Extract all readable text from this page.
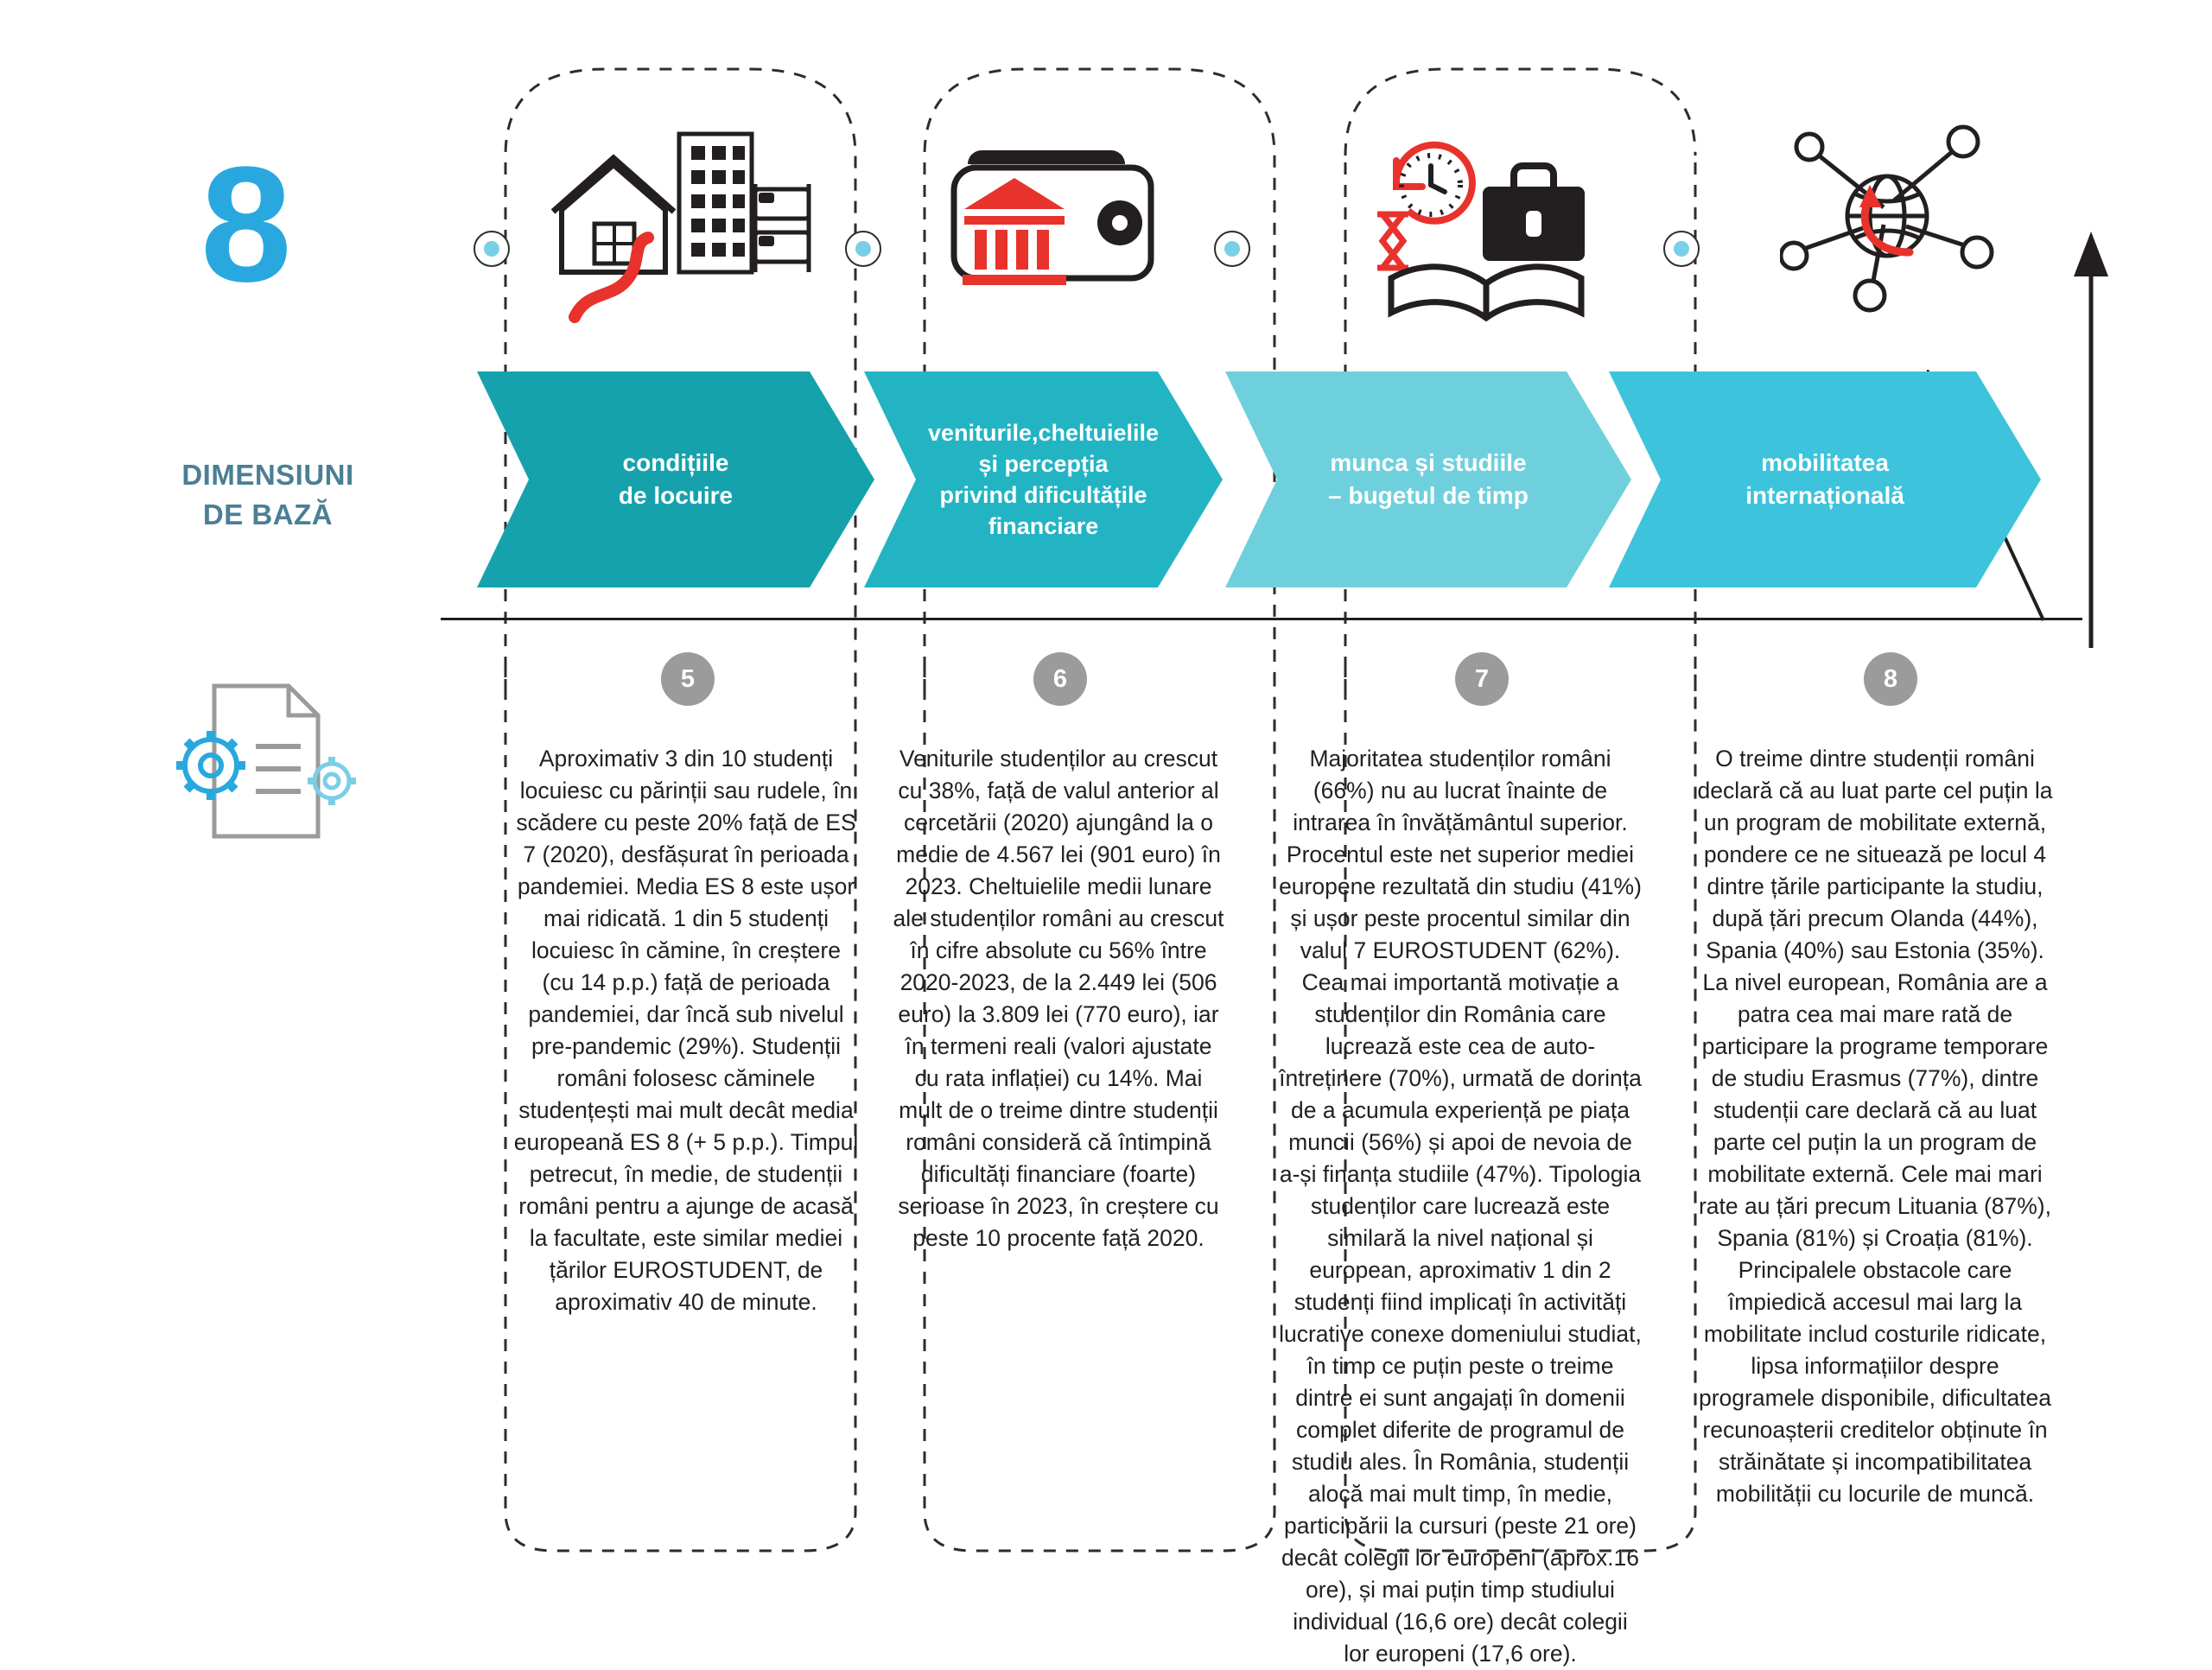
8
DIMENSIUNI
DE BAZĂ
condițiile
de locuire
veniturile,cheltuielile
și percepția
privind dificultățile
financiare
munca și studiile
– bugetul de timp
mobilitatea
internațională
5	6	7	8
Aproximativ 3 din 10 studenți locuiesc cu părinții sau rudele, în scădere cu peste 20% față de ES 7 (2020), desfășurat în perioada pandemiei. Media ES 8 este ușor mai ridicată. 1 din 5 studenți locuiesc în cămine, în creștere (cu 14 p.p.) față de perioada pandemiei, dar încă sub nivelul pre-pandemic (29%). Studenții români folosesc căminele studențești mai mult decât media europeană ES 8 (+ 5 p.p.). Timpul petrecut, în medie, de studenții români pentru a ajunge de acasă la facultate, este similar mediei țărilor EUROSTUDENT, de aproximativ 40 de minute.
Veniturile studenților au crescut cu 38%, față de valul anterior al cercetării (2020) ajungând la o medie de 4.567 lei (901 euro) în 2023. Cheltuielile medii lunare ale studenților români au crescut în cifre absolute cu 56% între 2020-2023, de la 2.449 lei (506 euro) la 3.809 lei (770 euro), iar în termeni reali (valori ajustate cu rata inflației) cu 14%. Mai mult de o treime dintre studenții români consideră că întimpină dificultăți financiare (foarte) serioase în 2023, în creștere cu peste 10 procente față 2020.
Majoritatea studenților români (66%) nu au lucrat înainte de intrarea în învățământul superior. Procentul este net superior mediei europene rezultată din studiu (41%) și ușor peste procentul similar din valul 7 EUROSTUDENT (62%). Cea mai importantă motivație a studenților din România care lucrează este cea de auto-întreținere (70%), urmată de dorința de a acumula experiență pe piața muncii (56%) și apoi de nevoia de a-și finanța studiile (47%). Tipologia studenților care lucrează este similară la nivel național și european, aproximativ 1 din 2 studenți fiind implicați în activități lucrative conexe domeniului studiat, în timp ce puțin peste o treime dintre ei sunt angajați în domenii complet diferite de programul de studiu ales. În România, studenții alocă mai mult timp, în medie, participării la cursuri (peste 21 ore) decât colegii lor europeni (aprox.16 ore), și mai puțin timp studiului individual (16,6 ore) decât colegii lor europeni (17,6 ore).
O treime dintre studenții români declară că au luat parte cel puțin la un program de mobilitate externă, pondere ce ne situează pe locul 4 dintre țările participante la studiu, după țări precum Olanda (44%), Spania (40%) sau Estonia (35%). La nivel european, România are a patra cea mai mare rată de participare la programe temporare de studiu Erasmus (77%), dintre studenții care declară că au luat parte cel puțin la un program de mobilitate externă. Cele mai mari rate au țări precum Lituania (87%), Spania (81%) și Croația (81%). Principalele obstacole care împiedică accesul mai larg la mobilitate includ costurile ridicate, lipsa informațiilor despre programele disponibile, dificultatea recunoașterii creditelor obținute în străinătate și incompatibilitatea mobilității cu locurile de muncă.
